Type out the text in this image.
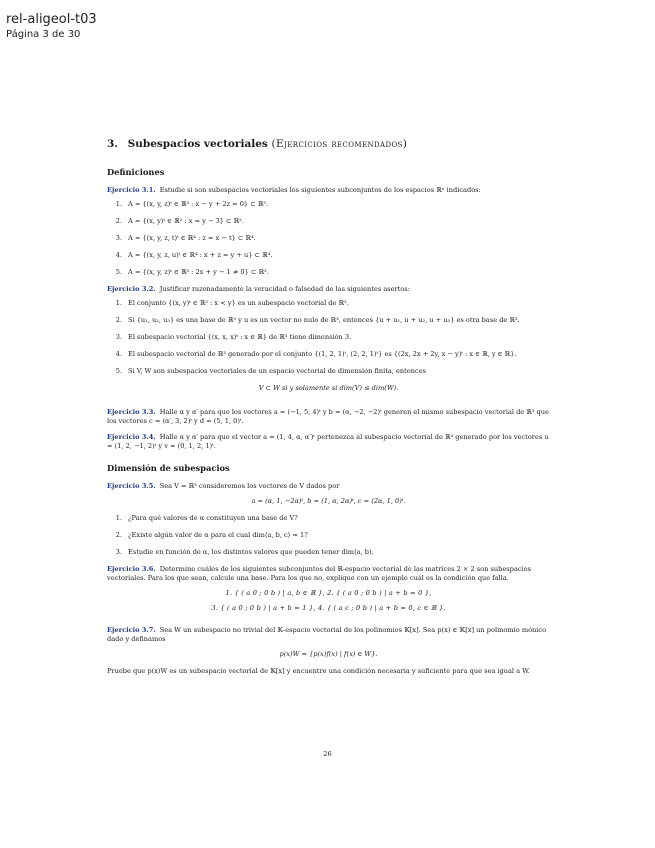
rel-aligeol-t03
Página 3 de 30
3. Subespacios vectoriales (Ejercicios recomendados)
Definiciones

Ejercicio 3.1. Estudie si son subespacios vectoriales los siguientes subconjuntos de los espacios ℝⁿ indicados:

1. A = {(x, y, z)ᵗ ∈ ℝ³ : x − y + 2z = 0} ⊂ ℝ³.
2. A = {(x, y)ᵗ ∈ ℝ² : x = y − 3} ⊂ ℝ².
3. A = {(x, y, z, t)ᵗ ∈ ℝ⁴ : z = x − t} ⊂ ℝ⁴.
4. A = {(x, y, z, u)ᵗ ∈ ℝ⁴ : x + z = y + u} ⊂ ℝ⁴.
5. A = {(x, y, z)ᵗ ∈ ℝ³ : 2x + y − 1 ≠ 0} ⊂ ℝ³.

Ejercicio 3.2. Justificar razonadamente la veracidad o falsedad de las siguientes asertos:

1. El conjunto {(x, y)ᵗ ∈ ℝ² : x < y} es un subespacio vectorial de ℝ².
2. Si {u₁, u₂, u₃} es una base de ℝ³ y u es un vector no nulo de ℝ³, entonces {u + u₁, u + u₂, u + u₃} es otra base de ℝ³.
3. El subespacio vectorial {(x, x, x)ᵗ : x ∈ ℝ} de ℝ³ tiene dimensión 3.
4. El subespacio vectorial de ℝ³ generado por el conjunto {(1, 2, 1)ᵗ, (2, 2, 1)ᵗ} es {(2x, 2x + 2y, x − y)ᵗ : x ∈ ℝ, y ∈ ℝ}.
5. Si V, W son subespacios vectoriales de un espacio vectorial de dimensión finita, entonces
V ⊂ W si y solamente si dim(V) ≤ dim(W).

Ejercicio 3.3. Halle α y α′ para que los vectores a = (−1, 5, 4)ᵗ y b = (α, −2, −2)ᵗ generen el mismo subespacio vectorial de ℝ³ que los vectores c = (α′, 3, 2)ᵗ y d = (5, 1, 0)ᵗ.

Ejercicio 3.4. Halle α y α′ para que el vector a = (1, 4, α, α′)ᵗ pertenezca al subespacio vectorial de ℝ⁴ generado por los vectores u = (1, 2, −1, 2)ᵗ y v = (0, 1, 2, 1)ᵗ.

Dimensión de subespacios

Ejercicio 3.5. Sea V = ℝ³ consideremos los vectores de V dados por

a = (α, 1, −2α)ᵗ, b = (1, α, 2α)ᵗ, c = (2α, 1, 0)ᵗ.
1. ¿Para qué valores de α constituyen una base de V?
2. ¿Existe algún valor de α para el cual dim⟨a, b, c⟩ = 1?
3. Estudie en función de α, los distintos valores que pueden tener dim⟨a, b⟩.

Ejercicio 3.6. Determine cuáles de los siguientes subconjuntos del ℝ-espacio vectorial de las matrices 2 × 2 son subespacios vectoriales. Para los que sean, calcule una base. Para los que no, explique con un ejemplo cuál es la condición que falla.

1. { ( a 0 ; 0 b ) | a, b ∈ ℝ }, 2. { ( a 0 ; 0 b ) | a + b = 0 },
3. { ( a 0 ; 0 b ) | a + b = 1 }, 4. { ( a c ; 0 b ) | a + b = 0, c ∈ ℝ }.

Ejercicio 3.7. Sea W un subespacio no trivial del 𝕂-espacio vectorial de los polinomios 𝕂[x]. Sea p(x) ∈ 𝕂[x] un polinomio mónico dado y definamos

p(x)W = {p(x)f(x) | f(x) ∈ W}.

Pruebe que p(x)W es un subespacio vectorial de 𝕂[x] y encuentre una condición necesaria y suficiente para que sea igual a W.

26
